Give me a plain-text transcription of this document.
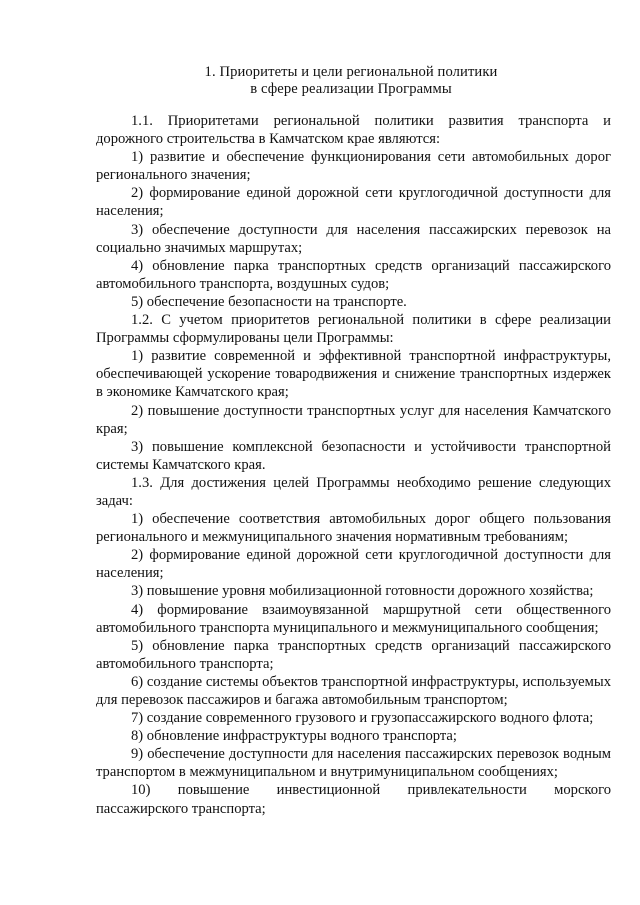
1. Приоритеты и цели региональной политики
в сфере реализации Программы

1.1. Приоритетами региональной политики развития транспорта и дорожного строительства в Камчатском крае являются:

1) развитие и обеспечение функционирования сети автомобильных дорог регионального значения;

2) формирование единой дорожной сети круглогодичной доступности для населения;

3) обеспечение доступности для населения пассажирских перевозок на социально значимых маршрутах;

4) обновление парка транспортных средств организаций пассажирского автомобильного транспорта, воздушных судов;

5) обеспечение безопасности на транспорте.

1.2. С учетом приоритетов региональной политики в сфере реализации Программы сформулированы цели Программы:

1) развитие современной и эффективной транспортной инфраструктуры, обеспечивающей ускорение товародвижения и снижение транспортных издержек в экономике Камчатского края;

2) повышение доступности транспортных услуг для населения Камчатского края;

3) повышение комплексной безопасности и устойчивости транспортной системы Камчатского края.

1.3. Для достижения целей Программы необходимо решение следующих задач:

1) обеспечение соответствия автомобильных дорог общего пользования регионального и межмуниципального значения нормативным требованиям;

2) формирование единой дорожной сети круглогодичной доступности для населения;

3) повышение уровня мобилизационной готовности дорожного хозяйства;

4) формирование взаимоувязанной маршрутной сети общественного автомобильного транспорта муниципального и межмуниципального сообщения;

5) обновление парка транспортных средств организаций пассажирского автомобильного транспорта;

6) создание системы объектов транспортной инфраструктуры, используемых для перевозок пассажиров и багажа автомобильным транспортом;

7) создание современного грузового и грузопассажирского водного флота;

8) обновление инфраструктуры водного транспорта;

9) обеспечение доступности для населения пассажирских перевозок водным транспортом в межмуниципальном и внутримуниципальном сообщениях;

10) повышение инвестиционной привлекательности морского пассажирского транспорта;
